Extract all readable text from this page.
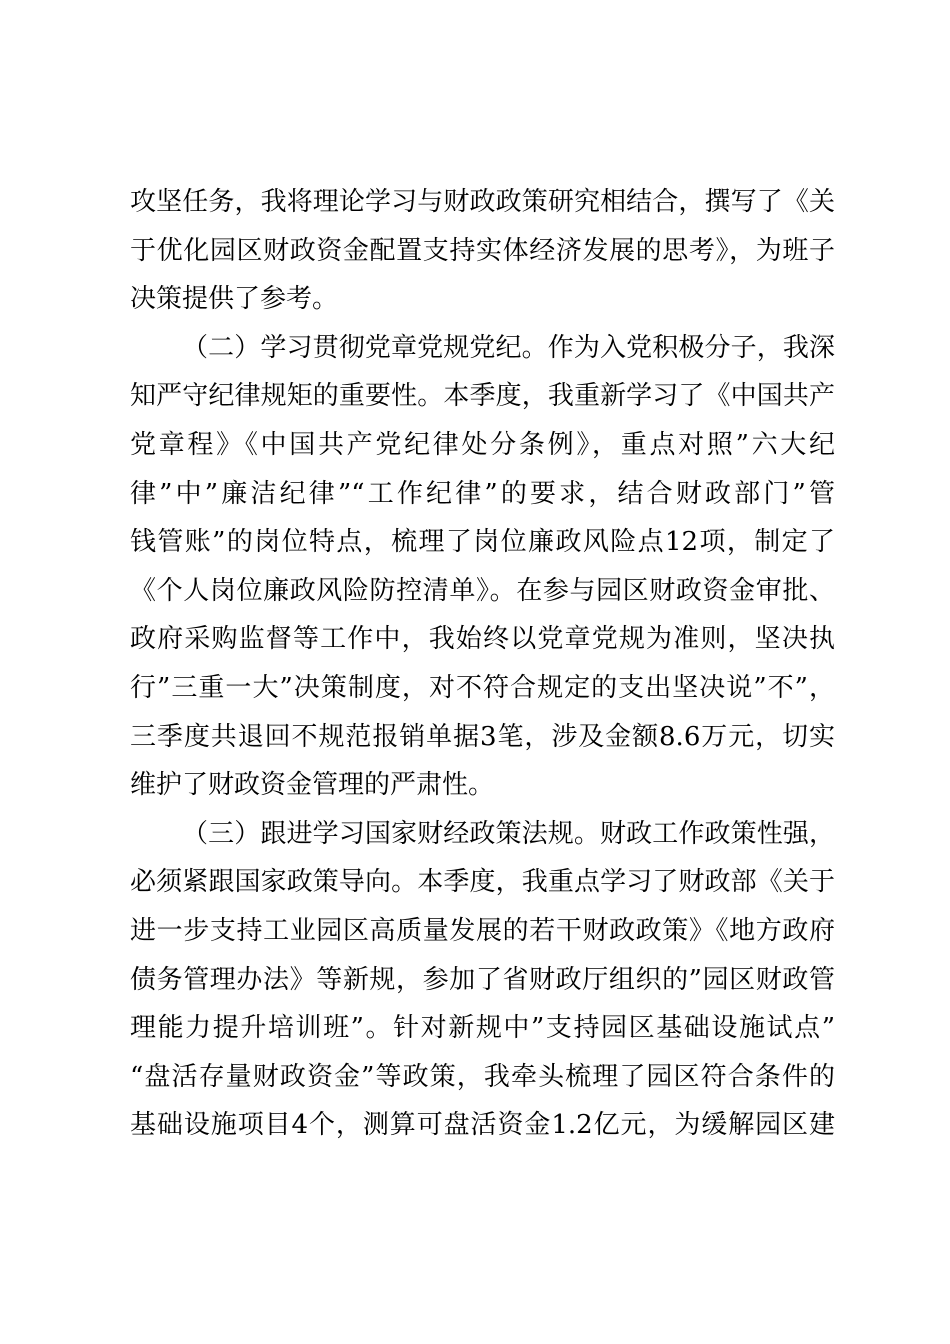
攻坚任务，我将理论学习与财政政策研究相结合，撰写了《关
于优化园区财政资金配置支持实体经济发展的思考》，为班子
决策提供了参考。
（二）学习贯彻党章党规党纪。作为入党积极分子，我深
知严守纪律规矩的重要性。本季度，我重新学习了《中国共产
党章程》《中国共产党纪律处分条例》，重点对照”六大纪
律”中”廉洁纪律”“工作纪律”的要求，结合财政部门”管
钱管账”的岗位特点，梳理了岗位廉政风险点12项，制定了
《个人岗位廉政风险防控清单》。在参与园区财政资金审批、
政府采购监督等工作中，我始终以党章党规为准则，坚决执
行”三重一大”决策制度，对不符合规定的支出坚决说”不”，
三季度共退回不规范报销单据3笔，涉及金额8.6万元，切实
维护了财政资金管理的严肃性。
（三）跟进学习国家财经政策法规。财政工作政策性强，
必须紧跟国家政策导向。本季度，我重点学习了财政部《关于
进一步支持工业园区高质量发展的若干财政政策》《地方政府
债务管理办法》等新规，参加了省财政厅组织的”园区财政管
理能力提升培训班”。针对新规中”支持园区基础设施试点”
“盘活存量财政资金”等政策，我牵头梳理了园区符合条件的
基础设施项目4个，测算可盘活资金1.2亿元，为缓解园区建
